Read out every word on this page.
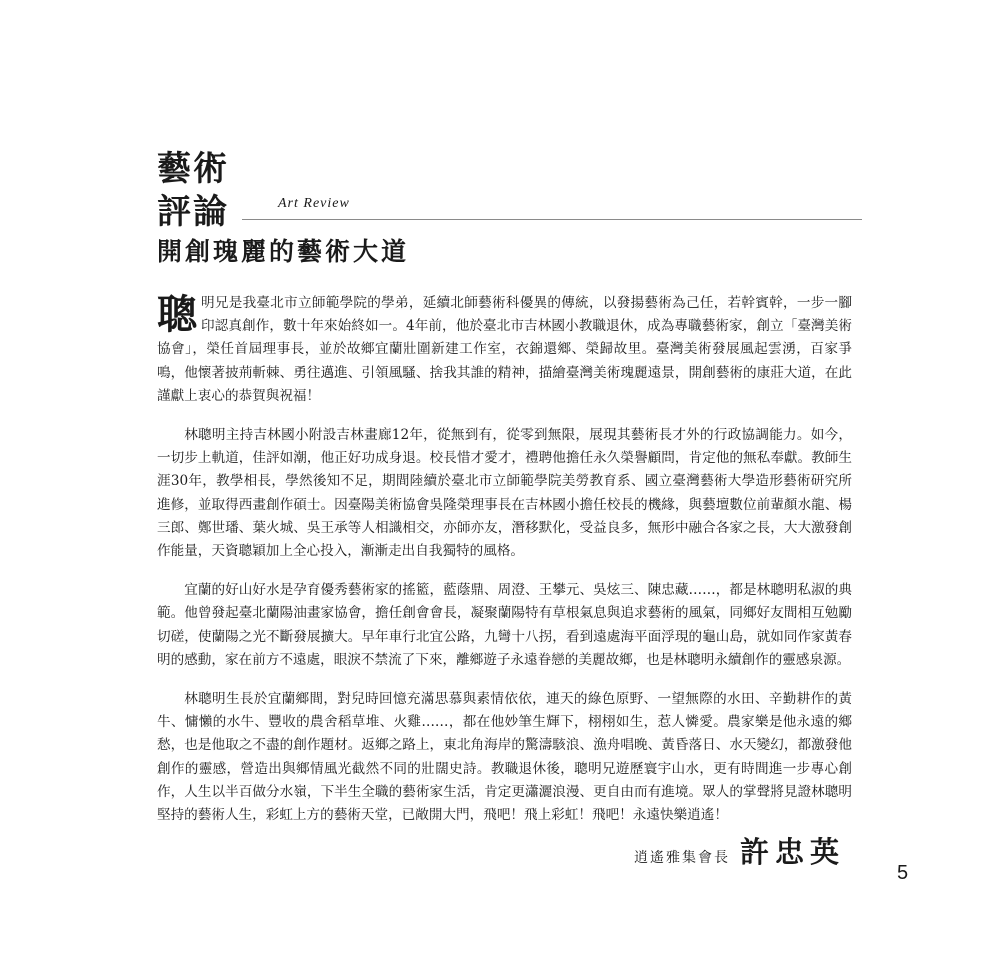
藝術
評論	Art Review
開創瑰麗的藝術大道

聰明兄是我臺北市立師範學院的學弟，延續北師藝術科優異的傳統，以發揚藝術為己任，若幹賓幹，一步一腳印認真創作，數十年來始終如一。4年前，他於臺北市吉林國小教職退休，成為專職藝術家，創立「臺灣美術協會」，榮任首屆理事長，並於故鄉宜蘭壯圍新建工作室，衣錦還鄉、榮歸故里。臺灣美術發展風起雲湧，百家爭鳴，他懷著披荊斬棘、勇往邁進、引領風騷、捨我其誰的精神，描繪臺灣美術瑰麗遠景，開創藝術的康莊大道，在此謹獻上衷心的恭賀與祝福！

林聰明主持吉林國小附設吉林畫廊12年，從無到有，從零到無限，展現其藝術長才外的行政協調能力。如今，一切步上軌道，佳評如潮，他正好功成身退。校長惜才愛才，禮聘他擔任永久榮譽顧問，肯定他的無私奉獻。教師生涯30年，教學相長，學然後知不足，期間陸續於臺北市立師範學院美勞教育系、國立臺灣藝術大學造形藝術研究所進修，並取得西畫創作碩士。因臺陽美術協會吳隆榮理事長在吉林國小擔任校長的機緣，與藝壇數位前輩顏水龍、楊三郎、鄭世璠、葉火城、吳王承等人相識相交，亦師亦友，潛移默化，受益良多，無形中融合各家之長，大大激發創作能量，天資聰穎加上全心投入，漸漸走出自我獨特的風格。

宜蘭的好山好水是孕育優秀藝術家的搖籃，藍蔭鼎、周澄、王攀元、吳炫三、陳忠藏……，都是林聰明私淑的典範。他曾發起臺北蘭陽油畫家協會，擔任創會會長，凝聚蘭陽特有草根氣息與追求藝術的風氣，同鄉好友間相互勉勵切磋，使蘭陽之光不斷發展擴大。早年車行北宜公路，九彎十八拐，看到遠處海平面浮現的龜山島，就如同作家黃春明的感動，家在前方不遠處，眼淚不禁流了下來，離鄉遊子永遠眷戀的美麗故鄉，也是林聰明永續創作的靈感泉源。

林聰明生長於宜蘭鄉間，對兒時回憶充滿思慕與素情依依，連天的綠色原野、一望無際的水田、辛勤耕作的黃牛、慵懶的水牛、豐收的農舍稻草堆、火雞……，都在他妙筆生輝下，栩栩如生，惹人憐愛。農家樂是他永遠的鄉愁，也是他取之不盡的創作題材。返鄉之路上，東北角海岸的驚濤駭浪、漁舟唱晚、黃昏落日、水天變幻，都激發他創作的靈感，營造出與鄉情風光截然不同的壯闊史詩。教職退休後，聰明兄遊歷寰宇山水，更有時間進一步專心創作，人生以半百做分水嶺，下半生全職的藝術家生活，肯定更瀟灑浪漫、更自由而有進境。眾人的掌聲將見證林聰明堅持的藝術人生，彩虹上方的藝術天堂，已敞開大門，飛吧！飛上彩虹！飛吧！永遠快樂逍遙！

逍遙雅集會長 許忠英
5
